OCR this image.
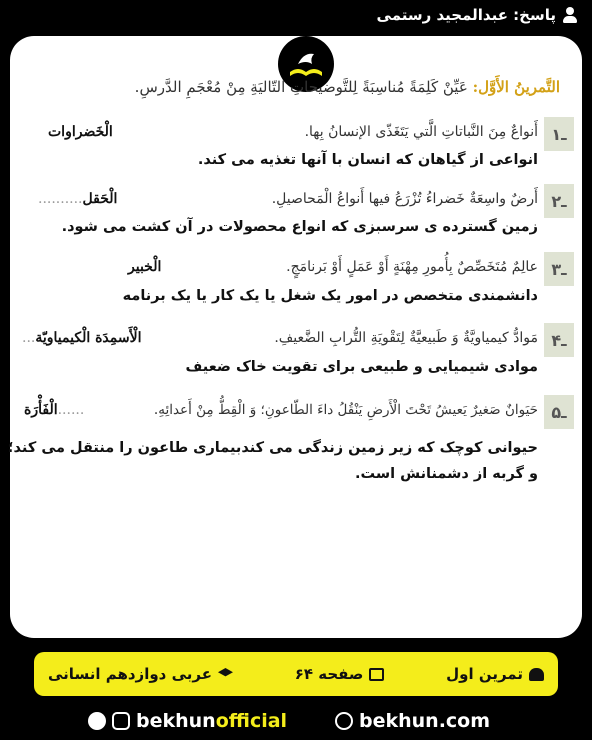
پاسخ: عبدالمجید رستمی
التَّمرینُ الأَوَّل: عَیِّنْ كَلِمَةً مُناسِبَةً لِلتَّوضیحاتِ التّالیَةِ مِنْ مُعْجَمِ الدَّرسِ.
۱ـ
أَنواعٌ مِنَ النَّباتاتِ الَّتي یَتَغَذّى الإنسانُ بِها.
الْخَضراوات
انواعی از گیاهان که انسان با آنها تغذیه می کند.
۲ـ
أَرضٌ واسِعَةٌ خَضراءُ تُزْرَعُ فیها أَنواعُ الْمَحاصیلِ.
الْحَقل..........
زمین گسترده ی سرسبزی که انواع محصولات در آن کشت می شود.
۳ـ
عالِمٌ مُتَخَصِّصٌ بِأُمورِ مِهْنَةٍ أَوْ عَمَلٍ أَوْ بَرنامَجٍ.
الْخبیر
دانشمندی متخصص در امور یک شغل یا یک کار یا یک برنامه
۴ـ
مَوادُّ كیمیاویَّةٌ وَ طَبیعیَّةٌ لِتَقْویَةِ التُّرابِ الضَّعیفِ.
الْأَسمِدَة الْكیمیاویّة...
موادی شیمیایی و طبیعی برای تقویت خاک ضعیف
۵ـ
حَیَوانٌ صَغیرٌ یَعیشُ تَحْتَ الْأَرضِ یَنْقُلُ داءَ الطّاعونِ؛ وَ الْقِطُّ مِنْ أَعدائِهِ.
......الْفَأْرَة
حیوانی کوچک که زیر زمین زندگی می کندبیماری طاعون را منتقل می کند؛
و گربه از دشمنانش است.
تمرین اول
صفحه ۶۴
عربی دوازدهم انسانی
bekhunofficial	bekhun.com
